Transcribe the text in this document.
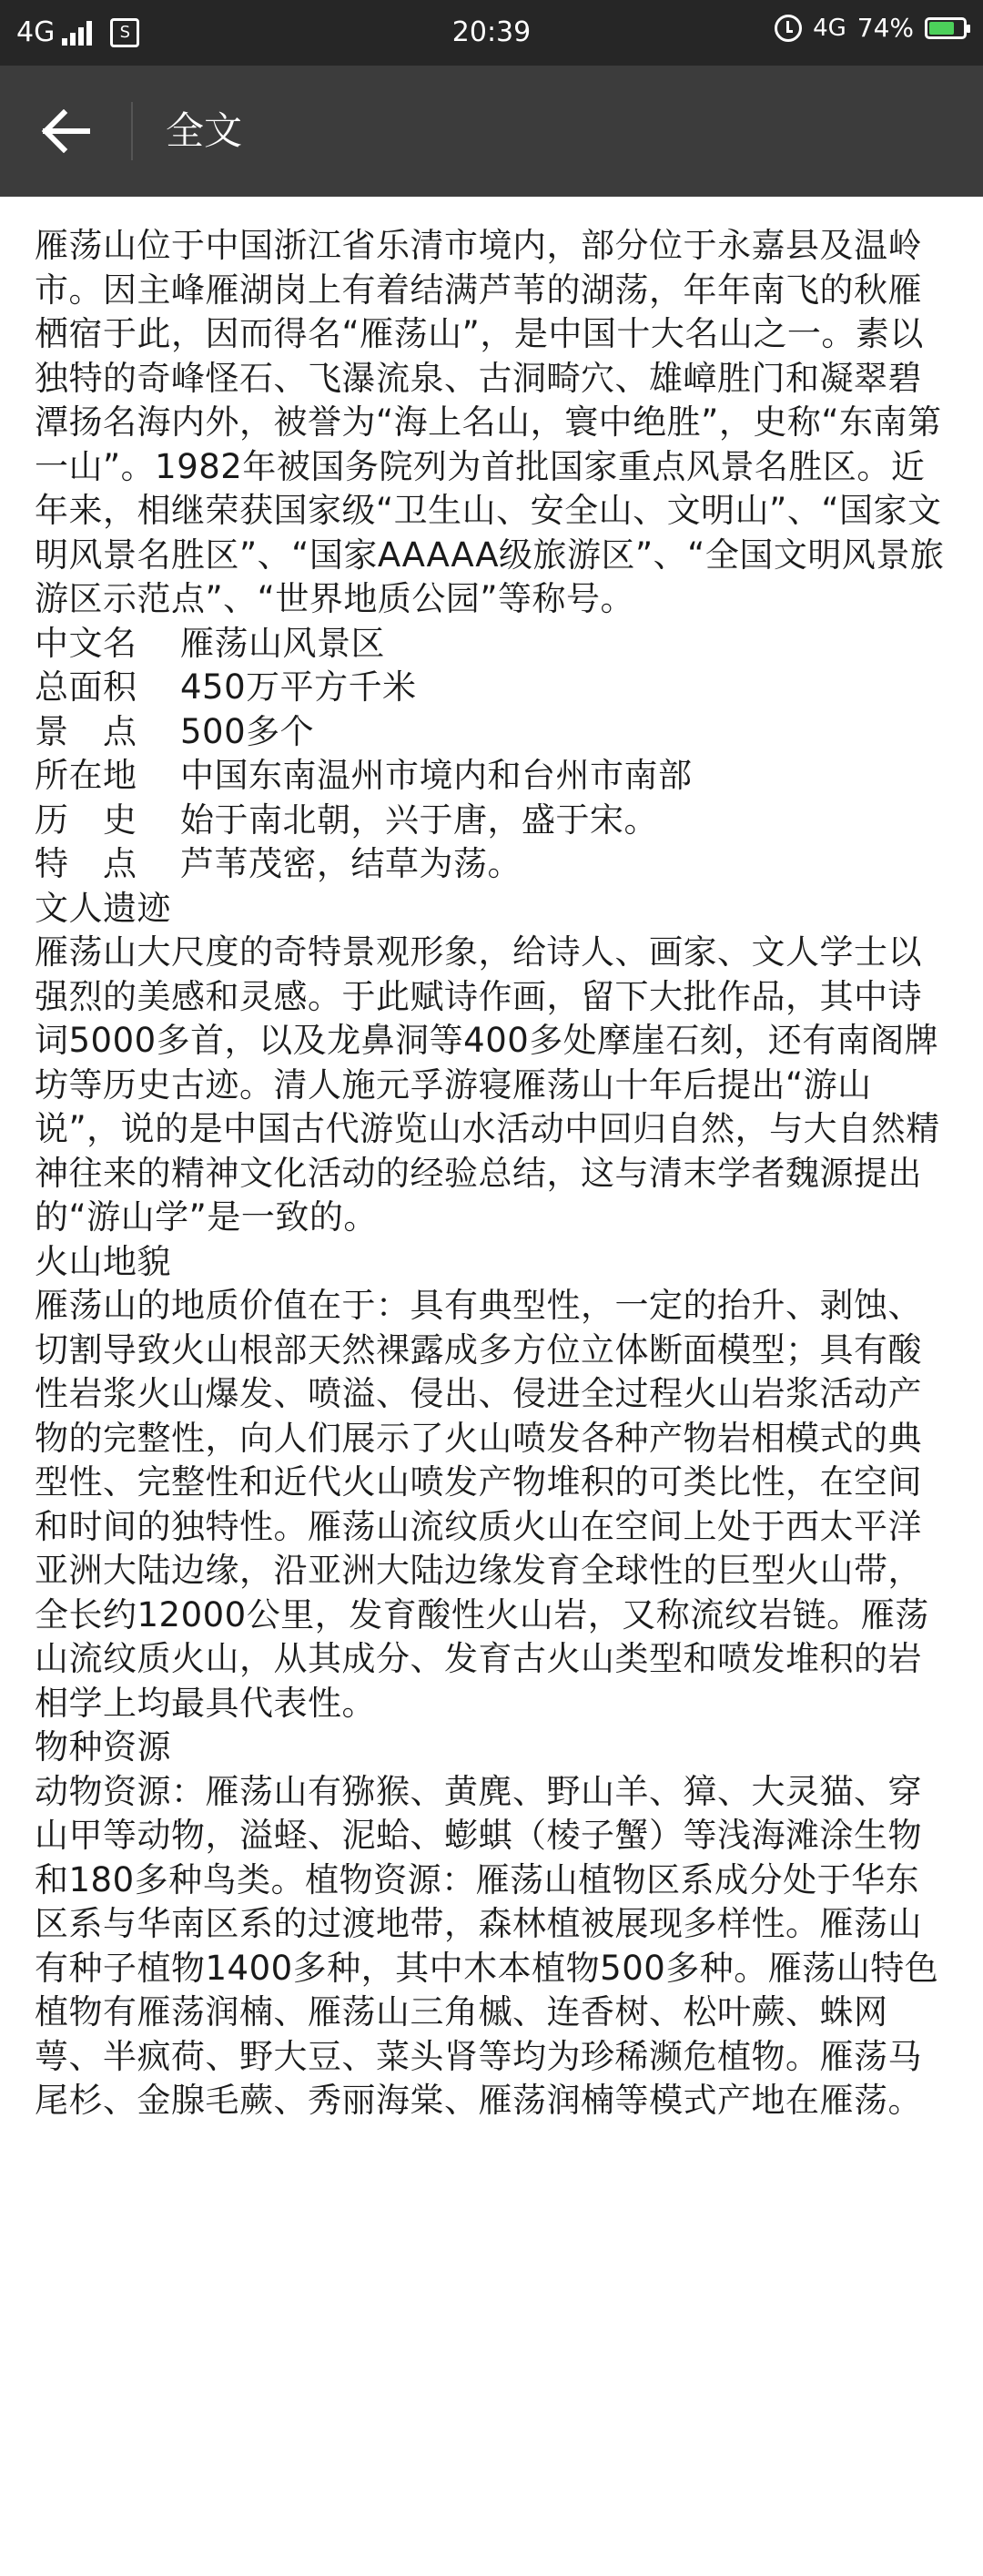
4G	S	20:39	4G 74%
全文

雁荡山位于中国浙江省乐清市境内，部分位于永嘉县及温岭市。因主峰雁湖岗上有着结满芦苇的湖荡，年年南飞的秋雁栖宿于此，因而得名“雁荡山”，是中国十大名山之一。素以独特的奇峰怪石、飞瀑流泉、古洞畸穴、雄嶂胜门和凝翠碧潭扬名海内外，被誉为“海上名山，寰中绝胜”，史称“东南第一山”。1982年被国务院列为首批国家重点风景名胜区。近年来，相继荣获国家级“卫生山、安全山、文明山”、“国家文明风景名胜区”、“国家AAAAA级旅游区”、“全国文明风景旅游区示范点”、“世界地质公园”等称号。

中文名	雁荡山风景区
总面积	450万平方千米
景　点	500多个
所在地	中国东南温州市境内和台州市南部
历　史	始于南北朝，兴于唐，盛于宋。
特　点	芦苇茂密，结草为荡。

文人遗迹

雁荡山大尺度的奇特景观形象，给诗人、画家、文人学士以强烈的美感和灵感。于此赋诗作画，留下大批作品，其中诗词5000多首，以及龙鼻洞等400多处摩崖石刻，还有南阁牌坊等历史古迹。清人施元孚游寝雁荡山十年后提出“游山说”，说的是中国古代游览山水活动中回归自然，与大自然精神往来的精神文化活动的经验总结，这与清末学者魏源提出的“游山学”是一致的。

火山地貌

雁荡山的地质价值在于：具有典型性，一定的抬升、剥蚀、切割导致火山根部天然裸露成多方位立体断面模型；具有酸性岩浆火山爆发、喷溢、侵出、侵进全过程火山岩浆活动产物的完整性，向人们展示了火山喷发各种产物岩相模式的典型性、完整性和近代火山喷发产物堆积的可类比性，在空间和时间的独特性。雁荡山流纹质火山在空间上处于西太平洋亚洲大陆边缘，沿亚洲大陆边缘发育全球性的巨型火山带，全长约12000公里，发育酸性火山岩，又称流纹岩链。雁荡山流纹质火山，从其成分、发育古火山类型和喷发堆积的岩相学上均最具代表性。

物种资源

动物资源：雁荡山有猕猴、黄麂、野山羊、獐、大灵猫、穿山甲等动物，溢蛏、泥蛤、蟛蜞（棱子蟹）等浅海滩涂生物和180多种鸟类。植物资源：雁荡山植物区系成分处于华东区系与华南区系的过渡地带，森林植被展现多样性。雁荡山有种子植物1400多种，其中木本植物500多种。雁荡山特色植物有雁荡润楠、雁荡山三角槭、连香树、松叶蕨、蛛网萼、半疯荷、野大豆、菜头肾等均为珍稀濒危植物。雁荡马尾杉、金腺毛蕨、秀丽海棠、雁荡润楠等模式产地在雁荡。
